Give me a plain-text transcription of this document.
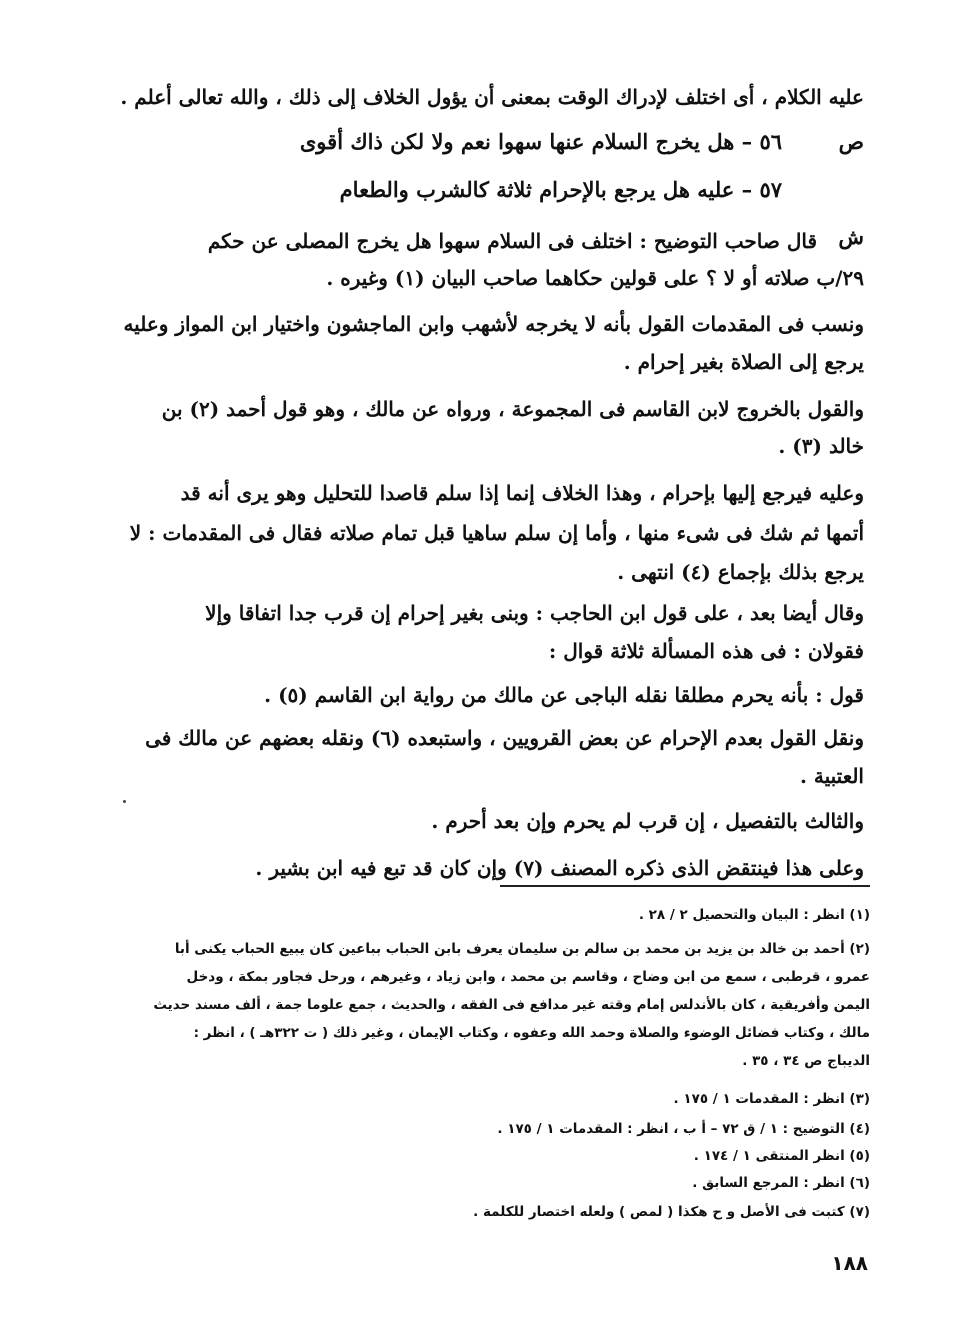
عليه الكلام ، أى اختلف لإدراك الوقت بمعنى أن يؤول الخلاف إلى ذلك ، والله تعالى أعلم .
ص
٥٦ – هل يخرج السلام عنها سهوا نعم ولا لكن ذاك أقوى
٥٧ – عليه هل يرجع بالإحرام ثلاثة كالشرب والطعام
ش
قال صاحب التوضيح : اختلف فى السلام سهوا هل يخرج المصلى عن حكم
٢٩/ب صلاته أو لا ؟ على قولين حكاهما صاحب البيان (١) وغيره .
ونسب فى المقدمات القول بأنه لا يخرجه لأشهب وابن الماجشون واختيار ابن المواز وعليه
يرجع إلى الصلاة بغير إحرام .
والقول بالخروج لابن القاسم فى المجموعة ، ورواه عن مالك ، وهو قول أحمد (٢) بن
خالد (٣) .
وعليه فيرجع إليها بإحرام ، وهذا الخلاف إنما إذا سلم قاصدا للتحليل وهو يرى أنه قد
أتمها ثم شك فى شىء منها ، وأما إن سلم ساهيا قبل تمام صلاته فقال فى المقدمات : لا
يرجع بذلك بإجماع (٤) انتهى .
وقال أيضا بعد ، على قول ابن الحاجب : وبنى بغير إحرام إن قرب جدا اتفاقا وإلا
فقولان : فى هذه المسألة ثلاثة قوال :
قول : بأنه يحرم مطلقا نقله الباجى عن مالك من رواية ابن القاسم (٥) .
ونقل القول بعدم الإحرام عن بعض القرويين ، واستبعده (٦) ونقله بعضهم عن مالك فى
العتبية .
والثالث بالتفصيل ، إن قرب لم يحرم وإن بعد أحرم .
وعلى هذا فينتقض الذى ذكره المصنف (٧) وإن كان قد تبع فيه ابن بشير .
(١) انظر : البيان والتحصيل ٢ / ٢٨ .
(٢) أحمد بن خالد بن يزيد بن محمد بن سالم بن سليمان يعرف بابن الحباب بباعين كان يبيع الحباب يكنى أبا
عمرو ، قرطبى ، سمع من ابن وضاح ، وقاسم بن محمد ، وابن زياد ، وغيرهم ، ورحل فجاور بمكة ، ودخل
اليمن وأفريقية ، كان بالأندلس إمام وقته غير مدافع فى الفقه ، والحديث ، جمع علوما جمة ، ألف مسند حديث
مالك ، وكتاب فضائل الوضوء والصلاة وحمد الله وعفوه ، وكتاب الإيمان ، وغير ذلك ( ت ٣٢٢هـ ) ، انظر :
الديباج ص ٣٤ ، ٣٥ .
(٣) انظر : المقدمات ١ / ١٧٥ .
(٤) التوضيح : ١ / ق ٧٢ – أ ب ، انظر : المقدمات ١ / ١٧٥ .
(٥) انظر المنتقى ١ / ١٧٤ .
(٦) انظر : المرجع السابق .
(٧) كتبت فى الأصل و ح هكذا ( لمص ) ولعله اختصار للكلمة .
١٨٨
